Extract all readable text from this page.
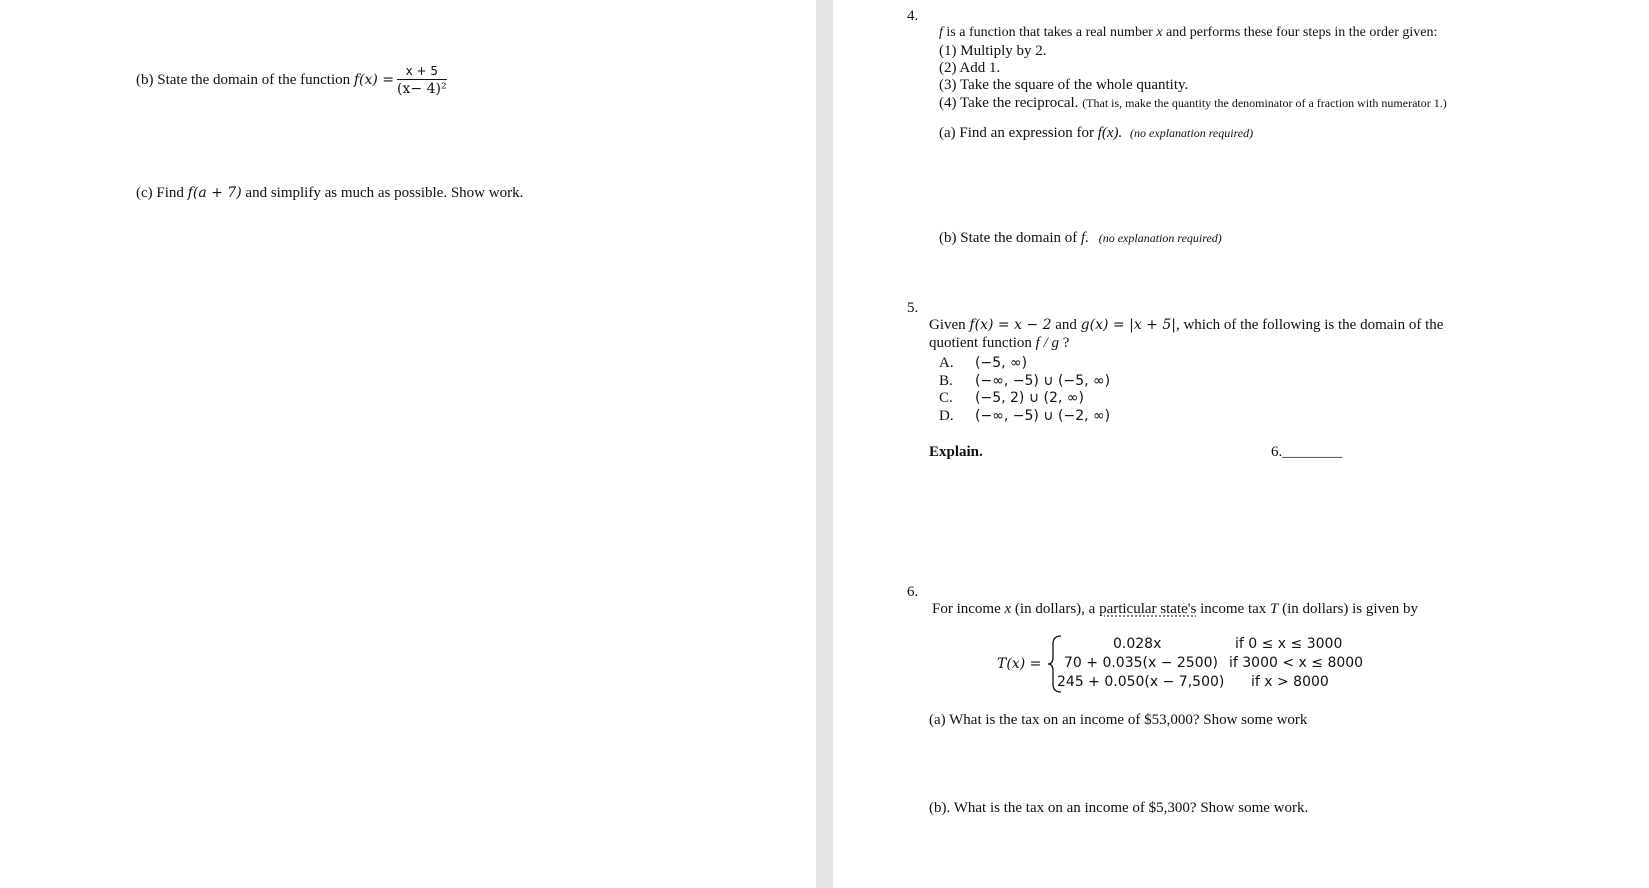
(b) State the domain of the function $f(x) = \frac{x + 5}{\text{(x− 4)²}}$
(c) Find f(a + 7) and simplify as much as possible. Show work.
4.
f is a function that takes a real number x and performs these four steps in the order given:
(1) Multiply by 2.
(2) Add 1.
(3) Take the square of the whole quantity.
(4) Take the reciprocal. (That is, make the quantity the denominator of a fraction with numerator 1.)
(a) Find an expression for f(x). (no explanation required)
(b) State the domain of f. (no explanation required)
5.
Given f(x) = x − 2 and g(x) = |x + 5|, which of the following is the domain of the
quotient function f / g ?
A. (−5, ∞)
B. (−∞, −5) ∪ (−5, ∞)
C. (−5, 2) ∪ (2, ∞)
D. (−∞, −5) ∪ (−2, ∞)
Explain.	6.________
6.
For income x (in dollars), a particular state's income tax T (in dollars) is given by
T(x) =
0.028x
70 + 0.035(x − 2500)
245 + 0.050(x − 7,500)
if 0 ≤ x ≤ 3000
if 3000 < x ≤ 8000
if x > 8000
(a) What is the tax on an income of $53,000? Show some work
(b). What is the tax on an income of $5,300? Show some work.
